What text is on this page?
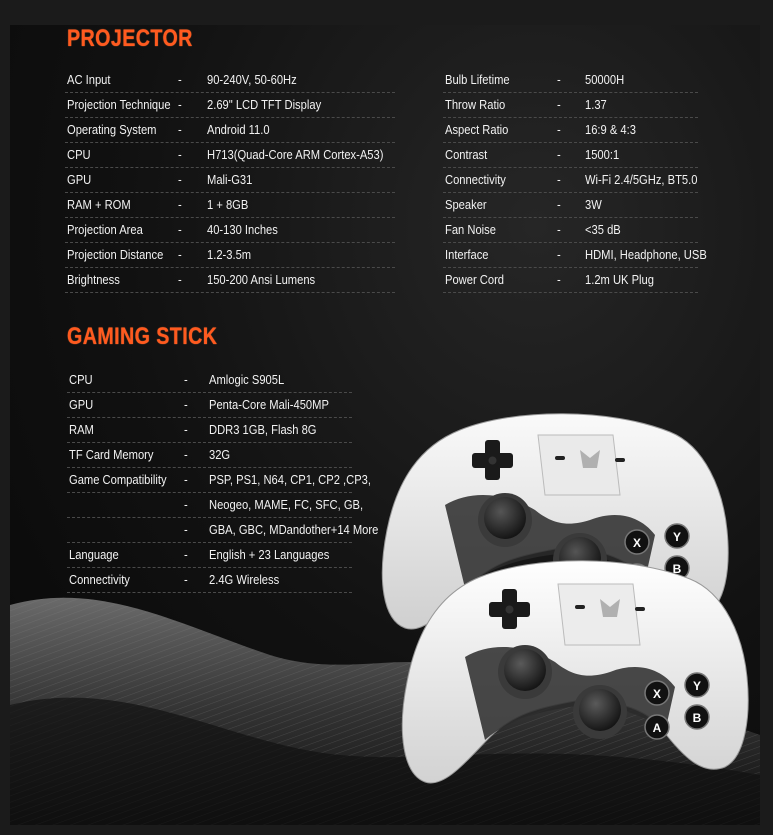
PROJECTOR
AC Input	- 90-240V, 50-60Hz
Projection Technique - 2.69" LCD TFT Display
Operating System - Android 11.0
CPU	- H713(Quad-Core ARM Cortex-A53)
GPU	- Mali-G31
RAM + ROM	- 1 + 8GB
Projection Area	- 40-130 Inches
Projection Distance - 1.2-3.5m
Brightness	- 150-200 Ansi Lumens
Bulb Lifetime	- 50000H
Throw Ratio	- 1.37
Aspect Ratio	- 16:9 & 4:3
Contrast	- 1500:1
Connectivity	- Wi-Fi 2.4/5GHz, BT5.0
Speaker	- 3W
Fan Noise	- <35 dB
Interface	- HDMI, Headphone, USB
Power Cord	- 1.2m UK Plug
GAMING STICK
CPU	- Amlogic S905L
GPU	- Penta-Core Mali-450MP
RAM	- DDR3 1GB, Flash 8G
TF Card Memory - 32G
Game Compatibility - PSP, PS1, N64, CP1, CP2 ,CP3,
- Neogeo, MAME, FC, SFC, GB,
- GBA, GBC, MDandother+14 More
Language	- English + 23 Languages
Connectivity	- 2.4G Wireless
X	Y
B
X
Y
A
B
